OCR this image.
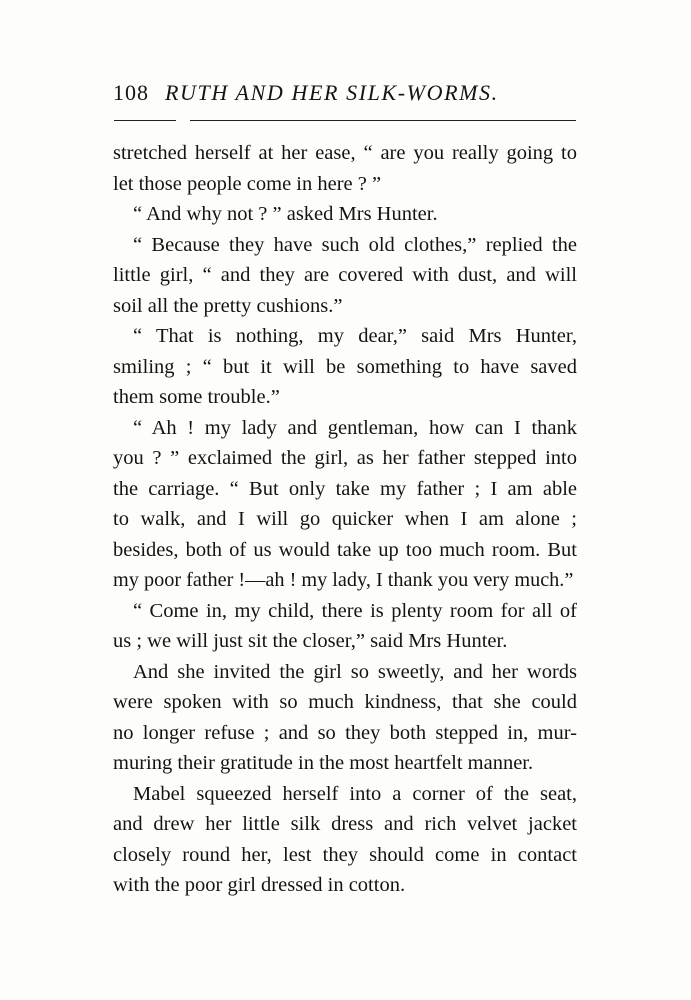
108 RUTH AND HER SILK-WORMS.
stretched herself at her ease, “ are you really going to
let those people come in here ? ”
“ And why not ? ” asked Mrs Hunter.
“ Because they have such old clothes,” replied the
little girl, “ and they are covered with dust, and will
soil all the pretty cushions.”
“ That is nothing, my dear,” said Mrs Hunter,
smiling ; “ but it will be something to have saved
them some trouble.”
“ Ah ! my lady and gentleman, how can I thank
you ? ” exclaimed the girl, as her father stepped into
the carriage. “ But only take my father ; I am able
to walk, and I will go quicker when I am alone ;
besides, both of us would take up too much room. But
my poor father !—ah ! my lady, I thank you very much.”
“ Come in, my child, there is plenty room for all of
us ; we will just sit the closer,” said Mrs Hunter.
And she invited the girl so sweetly, and her words
were spoken with so much kindness, that she could
no longer refuse ; and so they both stepped in, mur-
muring their gratitude in the most heartfelt manner.
Mabel squeezed herself into a corner of the seat,
and drew her little silk dress and rich velvet jacket
closely round her, lest they should come in contact
with the poor girl dressed in cotton.
